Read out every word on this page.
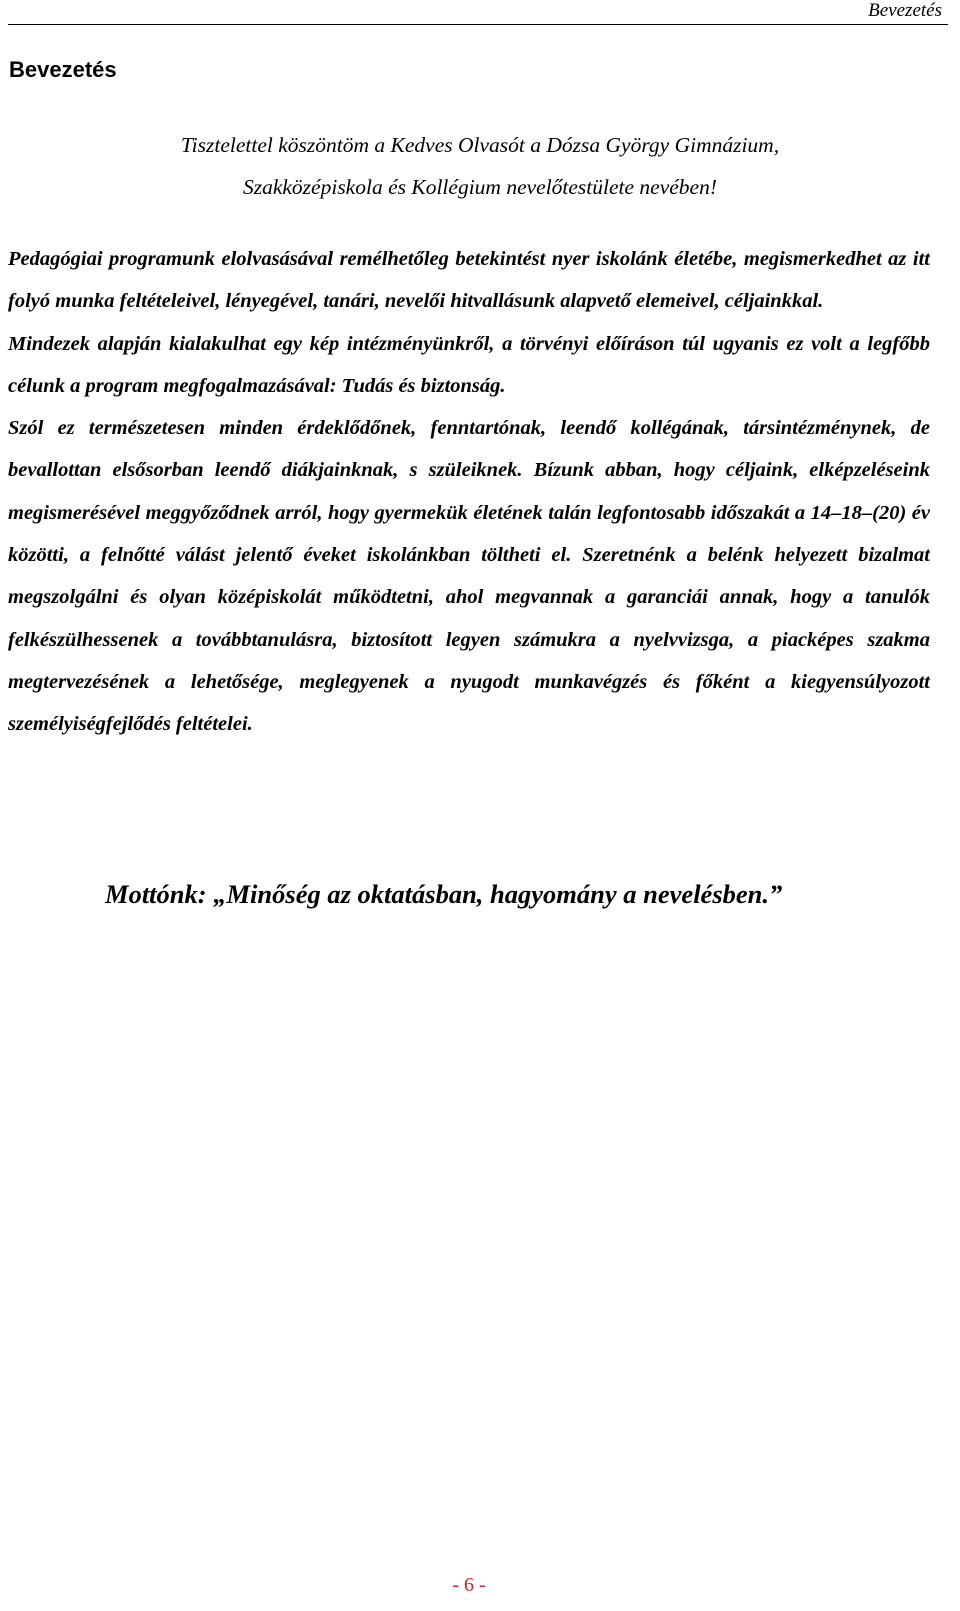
Bevezetés
Bevezetés
Tisztelettel köszöntöm a Kedves Olvasót a Dózsa György Gimnázium,
Szakközépiskola és Kollégium nevelőtestülete nevében!

Pedagógiai programunk elolvasásával remélhetőleg betekintést nyer iskolánk életébe, megismerkedhet az itt folyó munka feltételeivel, lényegével, tanári, nevelői hitvallásunk alapvető elemeivel, céljainkkal.

Mindezek alapján kialakulhat egy kép intézményünkről, a törvényi előíráson túl ugyanis ez volt a legfőbb célunk a program megfogalmazásával: Tudás és biztonság.

Szól ez természetesen minden érdeklődőnek, fenntartónak, leendő kollégának, társintézménynek, de bevallottan elsősorban leendő diákjainknak, s szüleiknek. Bízunk abban, hogy céljaink, elképzeléseink megismerésével meggyőződnek arról, hogy gyermekük életének talán legfontosabb időszakát a 14–18–(20) év közötti, a felnőtté válást jelentő éveket iskolánkban töltheti el. Szeretnénk a belénk helyezett bizalmat megszolgálni és olyan középiskolát működtetni, ahol megvannak a garanciái annak, hogy a tanulók felkészülhessenek a továbbtanulásra, biztosított legyen számukra a nyelvvizsga, a piacképes szakma megtervezésének a lehetősége, meglegyenek a nyugodt munkavégzés és főként a kiegyensúlyozott személyiségfejlődés feltételei.

Mottónk: „Minőség az oktatásban, hagyomány a nevelésben.”

- 6 -
